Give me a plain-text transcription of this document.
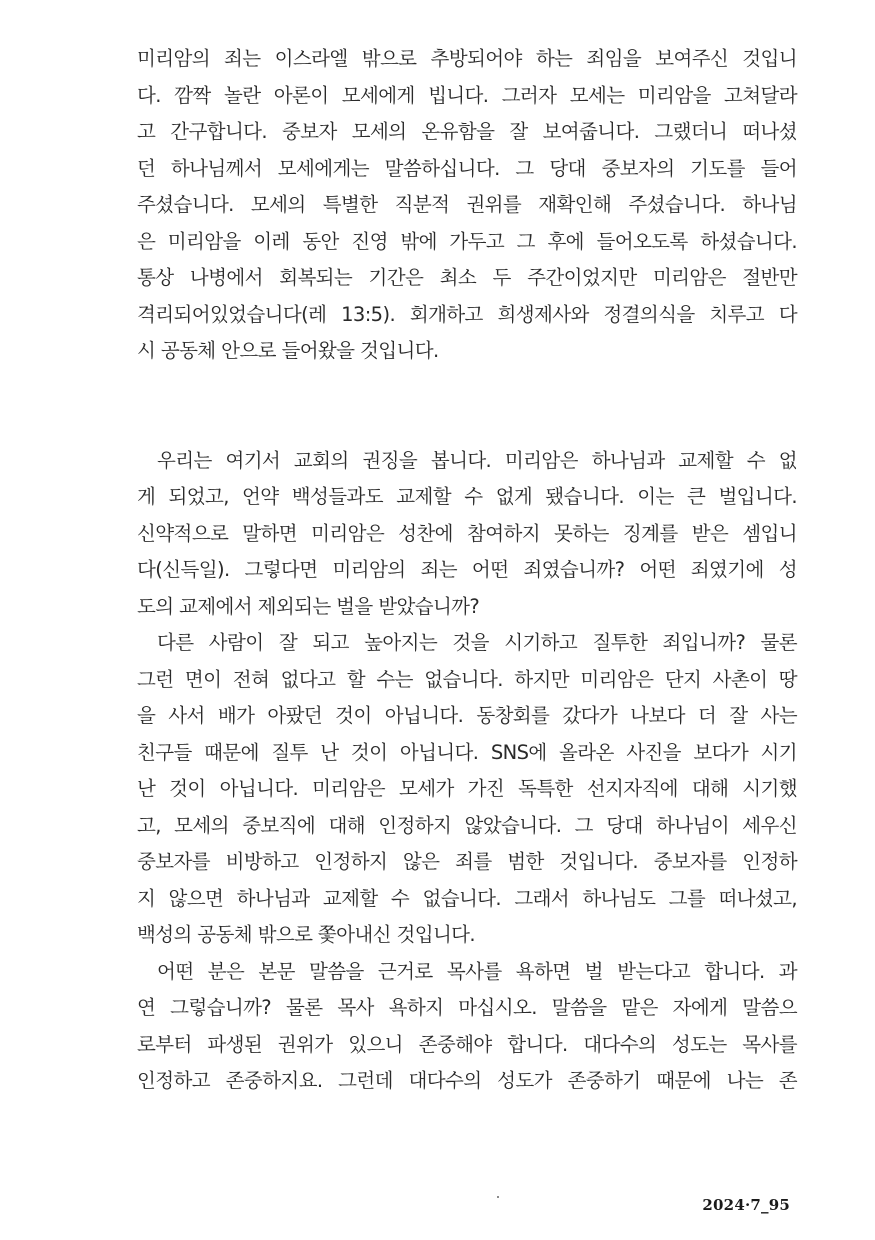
미리암의 죄는 이스라엘 밖으로 추방되어야 하는 죄임을 보여주신 것입니
다. 깜짝 놀란 아론이 모세에게 빕니다. 그러자 모세는 미리암을 고쳐달라
고 간구합니다. 중보자 모세의 온유함을 잘 보여줍니다. 그랬더니 떠나셨
던 하나님께서 모세에게는 말씀하십니다. 그 당대 중보자의 기도를 들어
주셨습니다. 모세의 특별한 직분적 권위를 재확인해 주셨습니다. 하나님
은 미리암을 이레 동안 진영 밖에 가두고 그 후에 들어오도록 하셨습니다.
통상 나병에서 회복되는 기간은 최소 두 주간이었지만 미리암은 절반만
격리되어있었습니다(레 13:5). 회개하고 희생제사와 정결의식을 치루고 다
시 공동체 안으로 들어왔을 것입니다.
우리는 여기서 교회의 권징을 봅니다. 미리암은 하나님과 교제할 수 없
게 되었고, 언약 백성들과도 교제할 수 없게 됐습니다. 이는 큰 벌입니다.
신약적으로 말하면 미리암은 성찬에 참여하지 못하는 징계를 받은 셈입니
다(신득일). 그렇다면 미리암의 죄는 어떤 죄였습니까? 어떤 죄였기에 성
도의 교제에서 제외되는 벌을 받았습니까?
다른 사람이 잘 되고 높아지는 것을 시기하고 질투한 죄입니까? 물론
그런 면이 전혀 없다고 할 수는 없습니다. 하지만 미리암은 단지 사촌이 땅
을 사서 배가 아팠던 것이 아닙니다. 동창회를 갔다가 나보다 더 잘 사는
친구들 때문에 질투 난 것이 아닙니다. SNS에 올라온 사진을 보다가 시기
난 것이 아닙니다. 미리암은 모세가 가진 독특한 선지자직에 대해 시기했
고, 모세의 중보직에 대해 인정하지 않았습니다. 그 당대 하나님이 세우신
중보자를 비방하고 인정하지 않은 죄를 범한 것입니다. 중보자를 인정하
지 않으면 하나님과 교제할 수 없습니다. 그래서 하나님도 그를 떠나셨고,
백성의 공동체 밖으로 쫓아내신 것입니다.
어떤 분은 본문 말씀을 근거로 목사를 욕하면 벌 받는다고 합니다. 과
연 그렇습니까? 물론 목사 욕하지 마십시오. 말씀을 맡은 자에게 말씀으
로부터 파생된 권위가 있으니 존중해야 합니다. 대다수의 성도는 목사를
인정하고 존중하지요. 그런데 대다수의 성도가 존중하기 때문에 나는 존
2024·7_95
